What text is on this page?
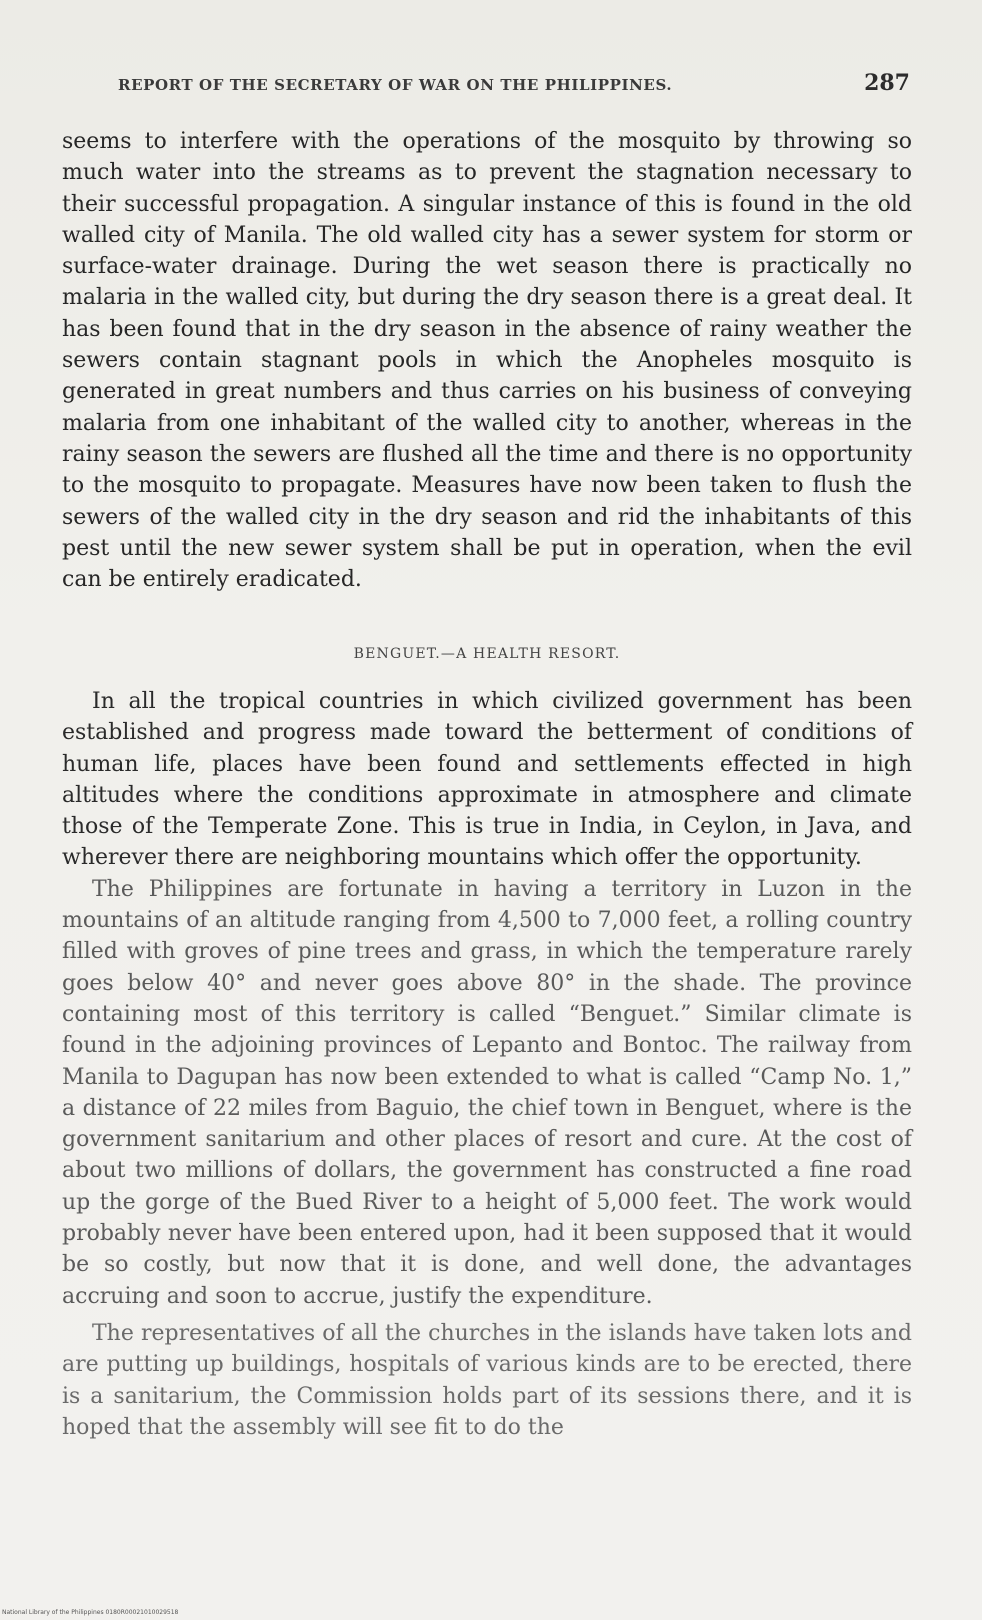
REPORT OF THE SECRETARY OF WAR ON THE PHILIPPINES.	287

seems to interfere with the operations of the mosquito by throwing so much water into the streams as to prevent the stagnation necessary to their successful propagation. A singular instance of this is found in the old walled city of Manila. The old walled city has a sewer system for storm or surface-water drainage. During the wet season there is practically no malaria in the walled city, but during the dry season there is a great deal. It has been found that in the dry season in the absence of rainy weather the sewers contain stagnant pools in which the Anopheles mosquito is generated in great numbers and thus carries on his business of conveying malaria from one inhabitant of the walled city to another, whereas in the rainy season the sewers are flushed all the time and there is no opportunity to the mosquito to propagate. Measures have now been taken to flush the sewers of the walled city in the dry season and rid the inhabitants of this pest until the new sewer system shall be put in operation, when the evil can be entirely eradicated.

BENGUET.—A HEALTH RESORT.

In all the tropical countries in which civilized government has been established and progress made toward the betterment of conditions of human life, places have been found and settlements effected in high altitudes where the conditions approximate in atmosphere and climate those of the Temperate Zone. This is true in India, in Ceylon, in Java, and wherever there are neighboring mountains which offer the opportunity.

The Philippines are fortunate in having a territory in Luzon in the mountains of an altitude ranging from 4,500 to 7,000 feet, a rolling country filled with groves of pine trees and grass, in which the temperature rarely goes below 40° and never goes above 80° in the shade. The province containing most of this territory is called “Benguet.” Similar climate is found in the adjoining provinces of Lepanto and Bontoc. The railway from Manila to Dagupan has now been extended to what is called “Camp No. 1,” a distance of 22 miles from Baguio, the chief town in Benguet, where is the government sanitarium and other places of resort and cure. At the cost of about two millions of dollars, the government has constructed a fine road up the gorge of the Bued River to a height of 5,000 feet. The work would probably never have been entered upon, had it been supposed that it would be so costly, but now that it is done, and well done, the advantages accruing and soon to accrue, justify the expenditure.

The representatives of all the churches in the islands have taken lots and are putting up buildings, hospitals of various kinds are to be erected, there is a sanitarium, the Commission holds part of its sessions there, and it is hoped that the assembly will see fit to do the

National Library of the Philippines 0180R00021010029518
